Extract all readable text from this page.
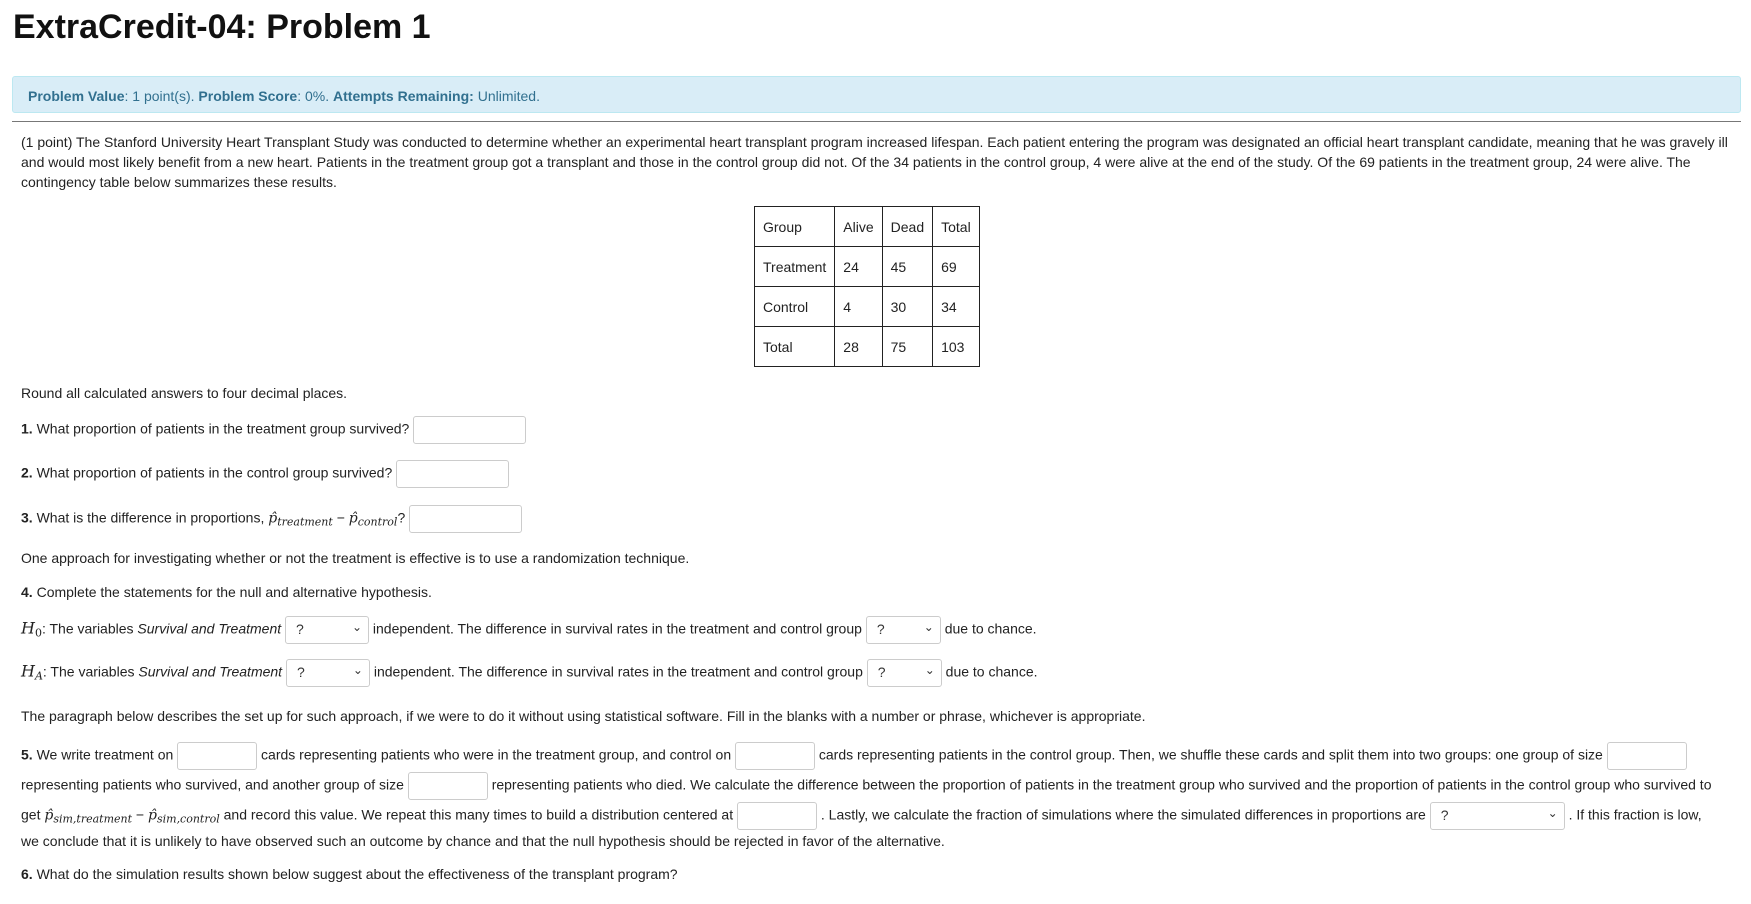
ExtraCredit-04: Problem 1
Problem Value: 1 point(s). Problem Score: 0%. Attempts Remaining: Unlimited.

(1 point) The Stanford University Heart Transplant Study was conducted to determine whether an experimental heart transplant program increased lifespan. Each patient entering the program was designated an official heart transplant candidate, meaning that he was gravely ill and would most likely benefit from a new heart. Patients in the treatment group got a transplant and those in the control group did not. Of the 34 patients in the control group, 4 were alive at the end of the study. Of the 69 patients in the treatment group, 24 were alive. The contingency table below summarizes these results.

Group	Alive	Dead	Total
Treatment	24	45	69
Control	4	30	34
Total	28	75	103
Round all calculated answers to four decimal places.
1. What proportion of patients in the treatment group survived?
2. What proportion of patients in the control group survived?
3. What is the difference in proportions, $p̂_{treatment}$ − $p̂_{control}$?
One approach for investigating whether or not the treatment is effective is to use a randomization technique.
4. Complete the statements for the null and alternative hypothesis.
$H_0$: The variables Survival and Treatment ?	⌄ independent. The difference in survival rates in the treatment and control group ?	⌄ due to chance.
$H_A$: The variables Survival and Treatment ?	⌄ independent. The difference in survival rates in the treatment and control group ?	⌄ due to chance.
The paragraph below describes the set up for such approach, if we were to do it without using statistical software. Fill in the blanks with a number or phrase, whichever is appropriate.
5. We write treatment on	cards representing patients who were in the treatment group, and control on	cards representing patients in the control group. Then, we shuffle these cards and split them into two groups: one group of size
representing patients who survived, and another group of size	representing patients who died. We calculate the difference between the proportion of patients in the treatment group who survived and the proportion of patients in the control group who survived to
get $p̂_{sim,treatment}$ − $p̂_{sim,control}$ and record this value. We repeat this many times to build a distribution centered at	. Lastly, we calculate the fraction of simulations where the simulated differences in proportions are ?	⌄ . If this fraction is low,
we conclude that it is unlikely to have observed such an outcome by chance and that the null hypothesis should be rejected in favor of the alternative.
6. What do the simulation results shown below suggest about the effectiveness of the transplant program?
